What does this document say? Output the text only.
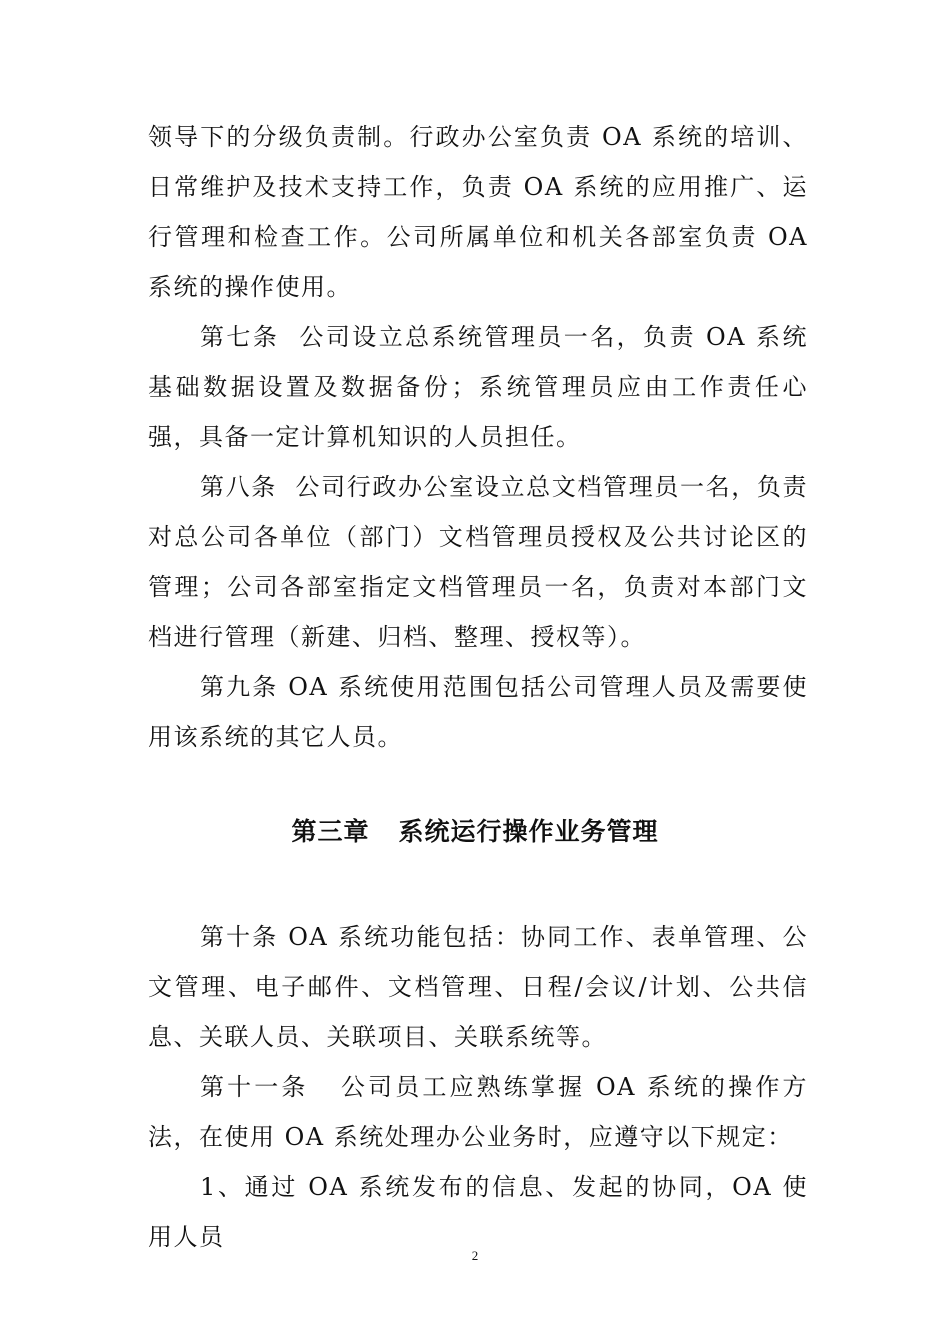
领导下的分级负责制。行政办公室负责 OA 系统的培训、日常维护及技术支持工作，负责 OA 系统的应用推广、运行管理和检查工作。公司所属单位和机关各部室负责 OA 系统的操作使用。

第七条  公司设立总系统管理员一名，负责 OA 系统基础数据设置及数据备份；系统管理员应由工作责任心强，具备一定计算机知识的人员担任。

第八条  公司行政办公室设立总文档管理员一名，负责对总公司各单位（部门）文档管理员授权及公共讨论区的管理；公司各部室指定文档管理员一名，负责对本部门文档进行管理（新建、归档、整理、授权等）。

第九条 OA 系统使用范围包括公司管理人员及需要使用该系统的其它人员。

第三章   系统运行操作业务管理

第十条 OA 系统功能包括：协同工作、表单管理、公文管理、电子邮件、文档管理、日程/会议/计划、公共信息、关联人员、关联项目、关联系统等。

第十一条   公司员工应熟练掌握 OA 系统的操作方法，在使用 OA 系统处理办公业务时，应遵守以下规定：

1、通过 OA 系统发布的信息、发起的协同，OA 使用人员

2
